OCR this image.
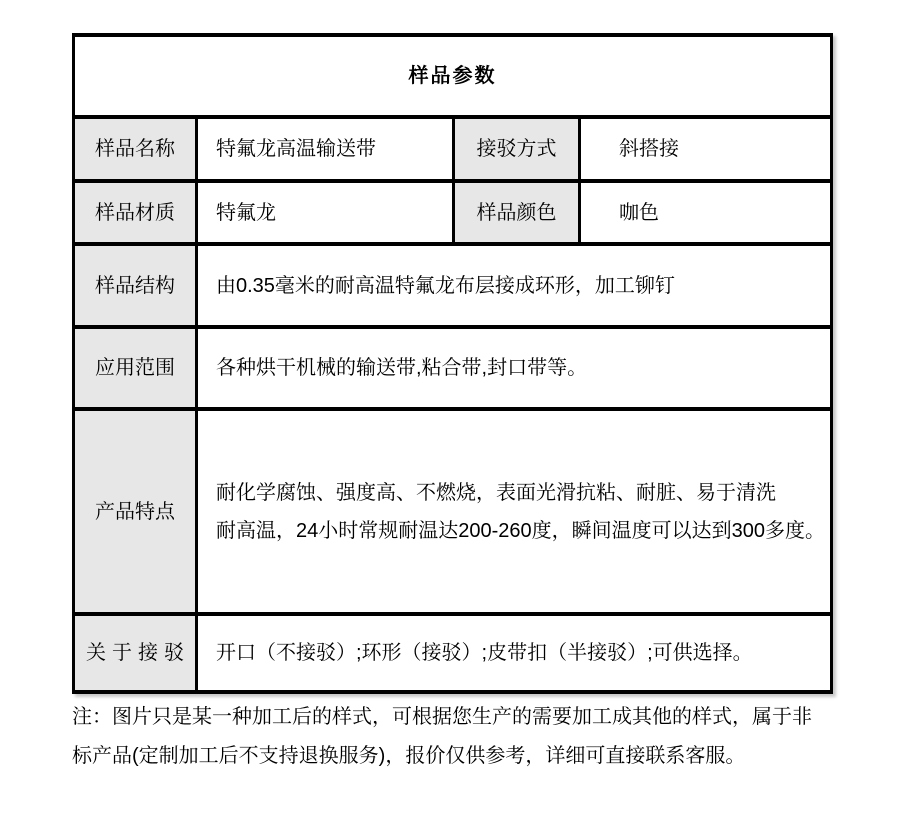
样品参数			
样品名称	特氟龙高温输送带	接驳方式	斜搭接
样品材质	特氟龙	样品颜色	咖色
样品结构	由0.35毫米的耐高温特氟龙布层接成环形，加工铆钉		
应用范围	各种烘干机械的输送带,粘合带,封口带等。		
产品特点	耐化学腐蚀、强度高、不燃烧，表面光滑抗粘、耐脏、易于清洗
耐高温，24小时常规耐温达200-260度，瞬间温度可以达到300多度。		

关于接驳	开口（不接驳）;环形（接驳）;皮带扣（半接驳）;可供选择。		
注：图片只是某一种加工后的样式，可根据您生产的需要加工成其他的样式，属于非
标产品(定制加工后不支持退换服务)，报价仅供参考，详细可直接联系客服。
